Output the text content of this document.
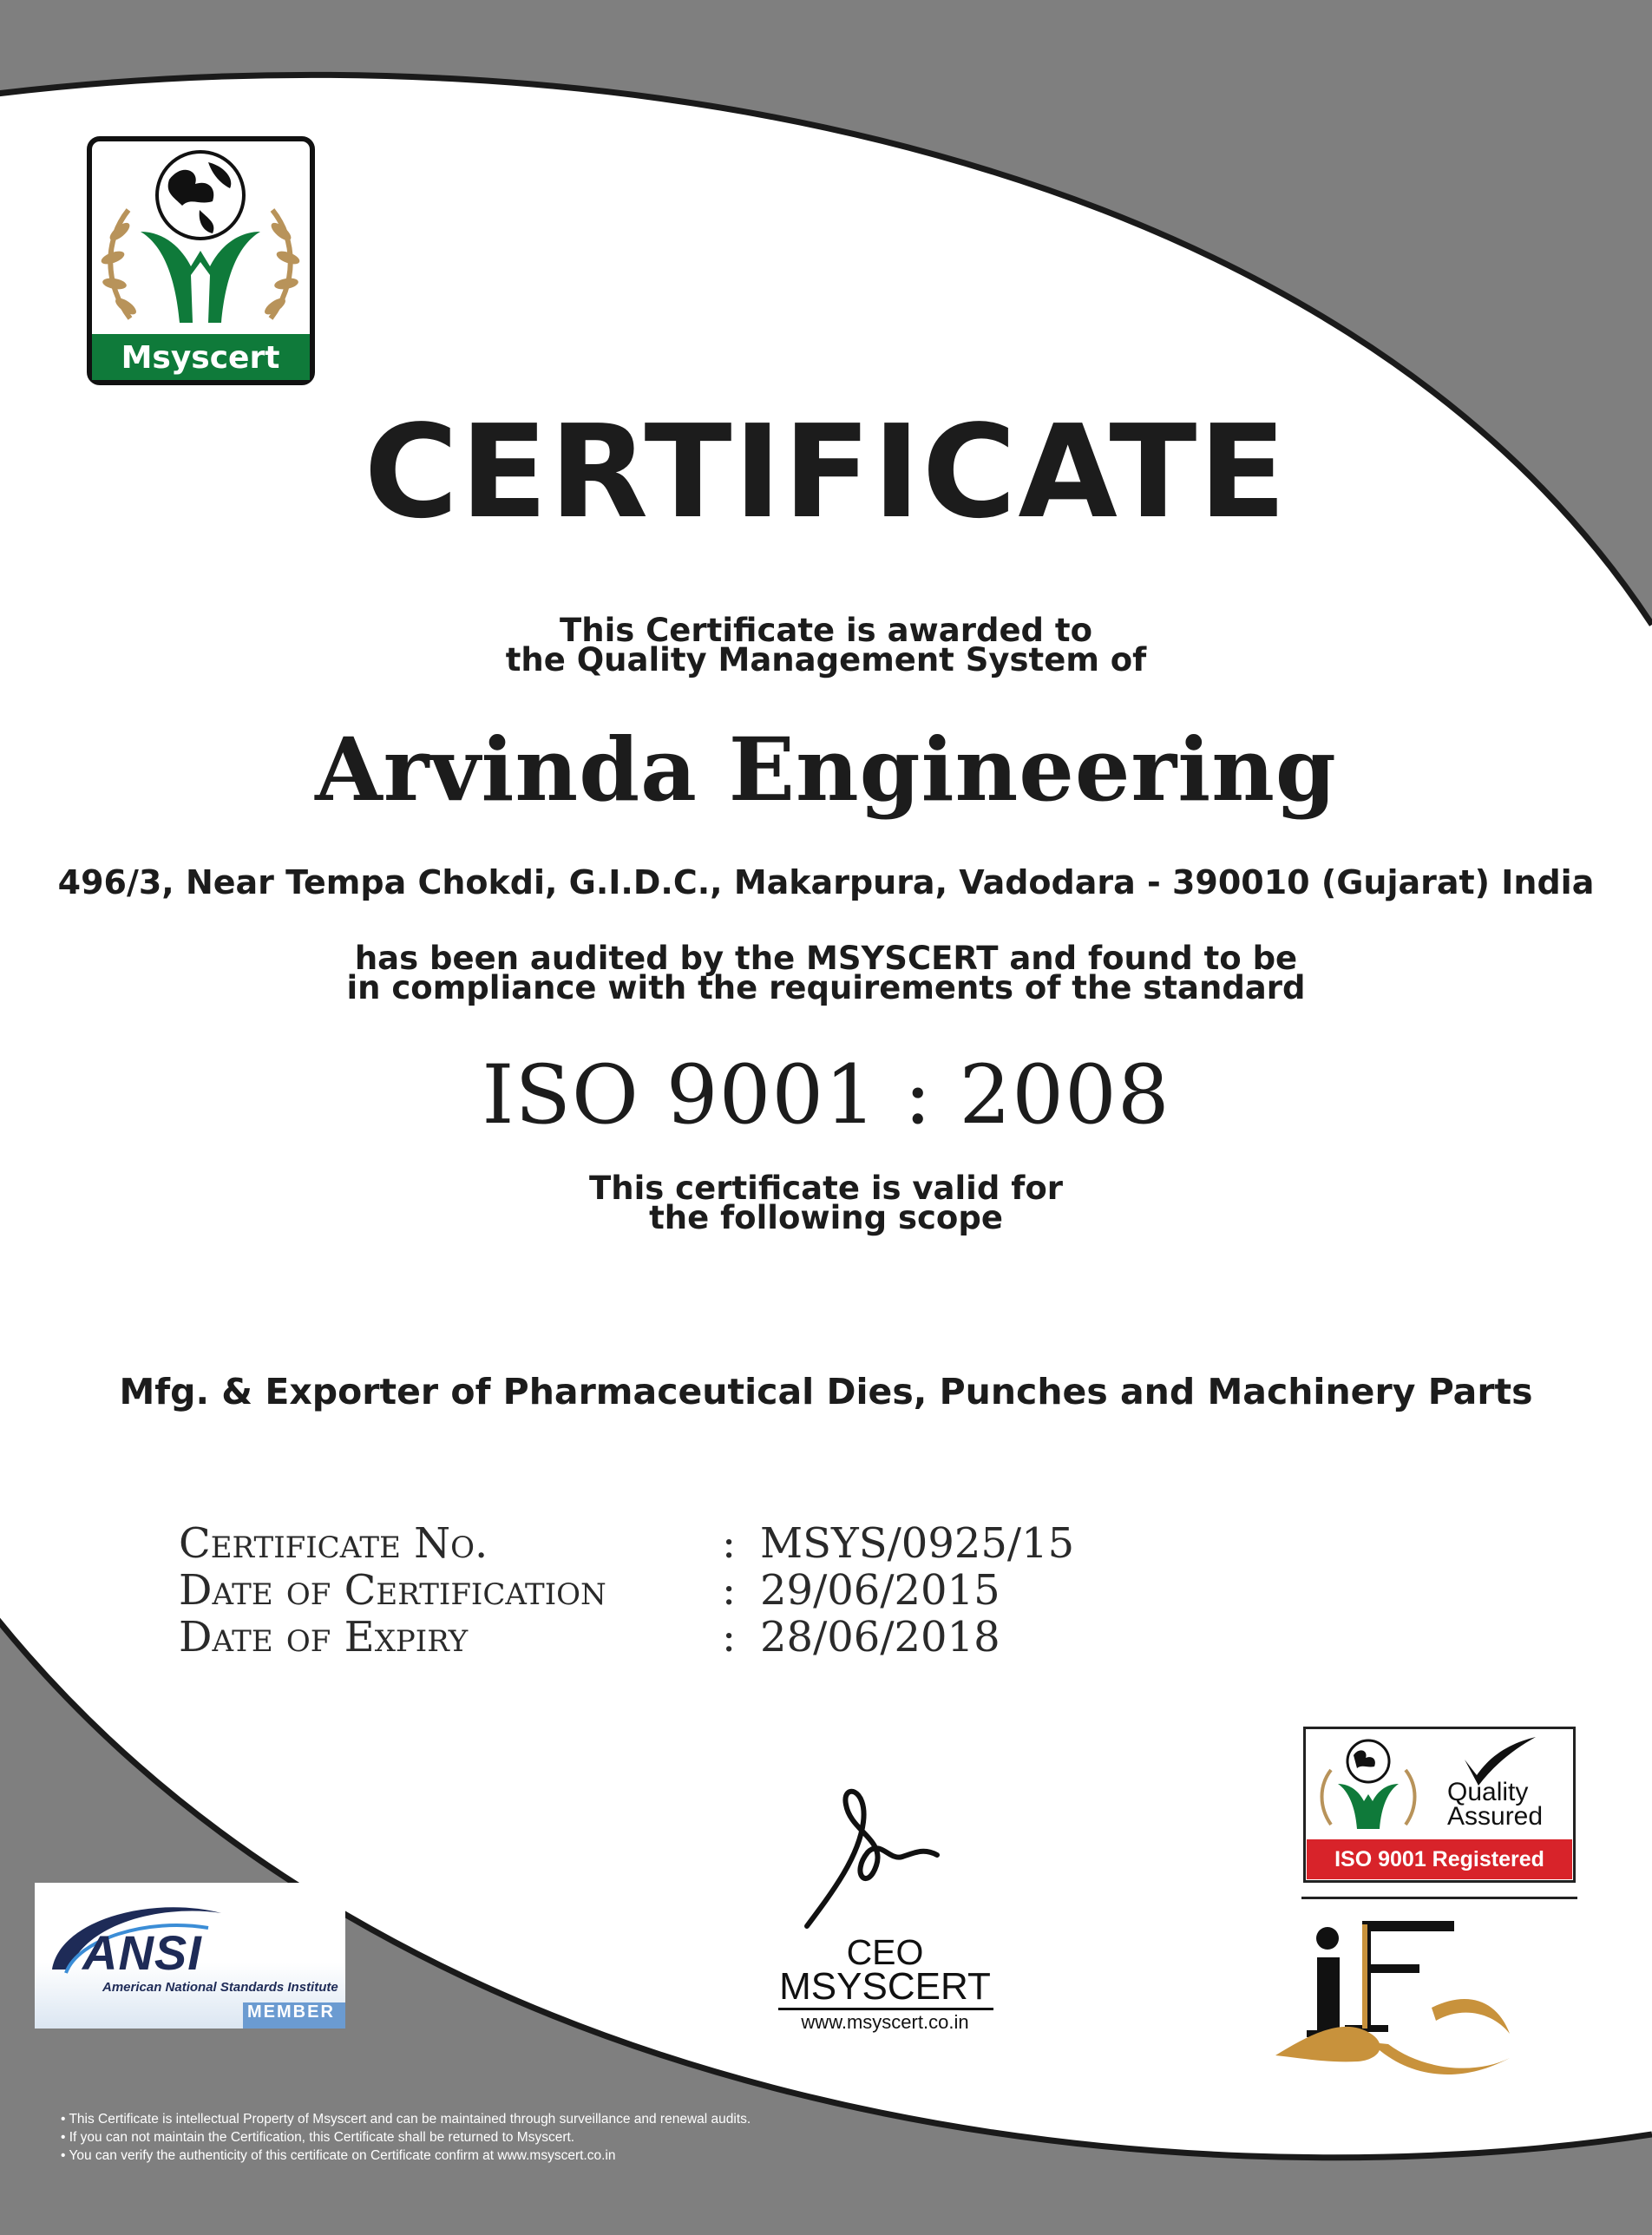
Msyscert
CERTIFICATE
This Certificate is awarded to
the Quality Management System of
Arvinda Engineering
496/3, Near Tempa Chokdi, G.I.D.C., Makarpura, Vadodara - 390010 (Gujarat) India
has been audited by the MSYSCERT and found to be
in compliance with the requirements of the standard
ISO 9001 : 2008
This certificate is valid for
the following scope
Mfg. & Exporter of Pharmaceutical Dies, Punches and Machinery Parts
Certificate No.	: MSYS/0925/15
Date of Certification	: 29/06/2015
Date of Expiry	: 28/06/2018
CEO
MSYSCERT
www.msyscert.co.in
ANSI
American National Standards Institute
MEMBER
Quality
Assured
ISO 9001 Registered
• This Certificate is intellectual Property of Msyscert and can be maintained through surveillance and renewal audits.
• If you can not maintain the Certification, this Certificate shall be returned to Msyscert.
• You can verify the authenticity of this certificate on Certificate confirm at www.msyscert.co.in
